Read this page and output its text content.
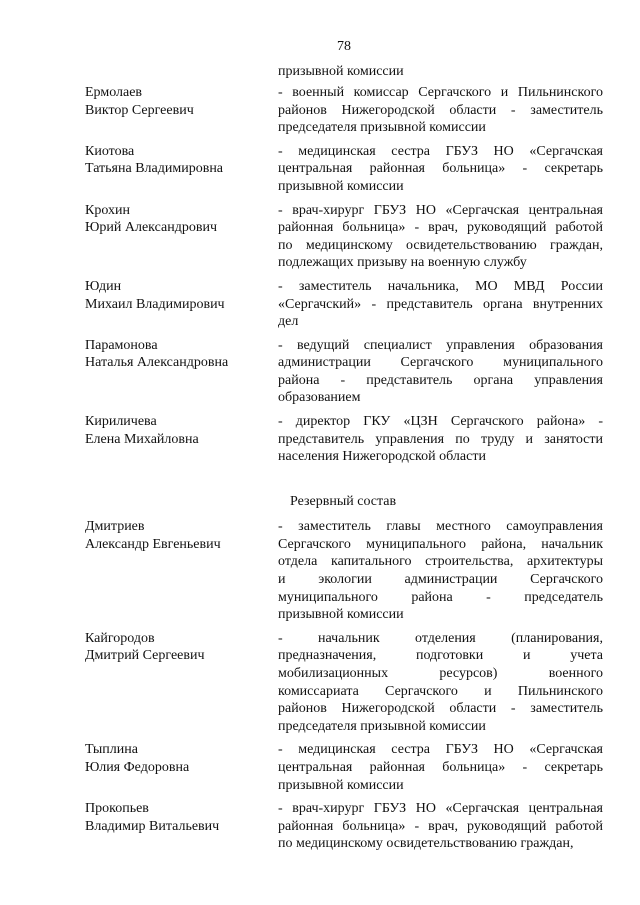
78
призывной комиссии
Ермолаев
Виктор Сергеевич
- военный комиссар Сергачского и Пильнинского
районов Нижегородской области - заместитель
председателя призывной комиссии
Киотова
Татьяна Владимировна
- медицинская сестра ГБУЗ НО «Сергачская
центральная районная больница» - секретарь
призывной комиссии
Крохин
Юрий Александрович
- врач-хирург ГБУЗ НО «Сергачская центральная
районная больница» - врач, руководящий работой
по медицинскому освидетельствованию граждан,
подлежащих призыву на военную службу
Юдин
Михаил Владимирович
- заместитель начальника, МО МВД России
«Сергачский» - представитель органа внутренних
дел
Парамонова
Наталья Александровна
- ведущий специалист управления образования
администрации Сергачского муниципального
района - представитель органа управления
образованием
Кириличева
Елена Михайловна
- директор ГКУ «ЦЗН Сергачского района» -
представитель управления по труду и занятости
населения Нижегородской области
Резервный состав
Дмитриев
Александр Евгеньевич
- заместитель главы местного самоуправления
Сергачского муниципального района, начальник
отдела капитального строительства, архитектуры
и экологии администрации Сергачского
муниципального района - председатель
призывной комиссии
Кайгородов
Дмитрий Сергеевич
- начальник отделения (планирования,
предназначения, подготовки и учета
мобилизационных ресурсов) военного
комиссариата Сергачского и Пильнинского
районов Нижегородской области - заместитель
председателя призывной комиссии
Тыплина
Юлия Федоровна
- медицинская сестра ГБУЗ НО «Сергачская
центральная районная больница» - секретарь
призывной комиссии
Прокопьев
Владимир Витальевич
- врач-хирург ГБУЗ НО «Сергачская центральная
районная больница» - врач, руководящий работой
по медицинскому освидетельствованию граждан,
